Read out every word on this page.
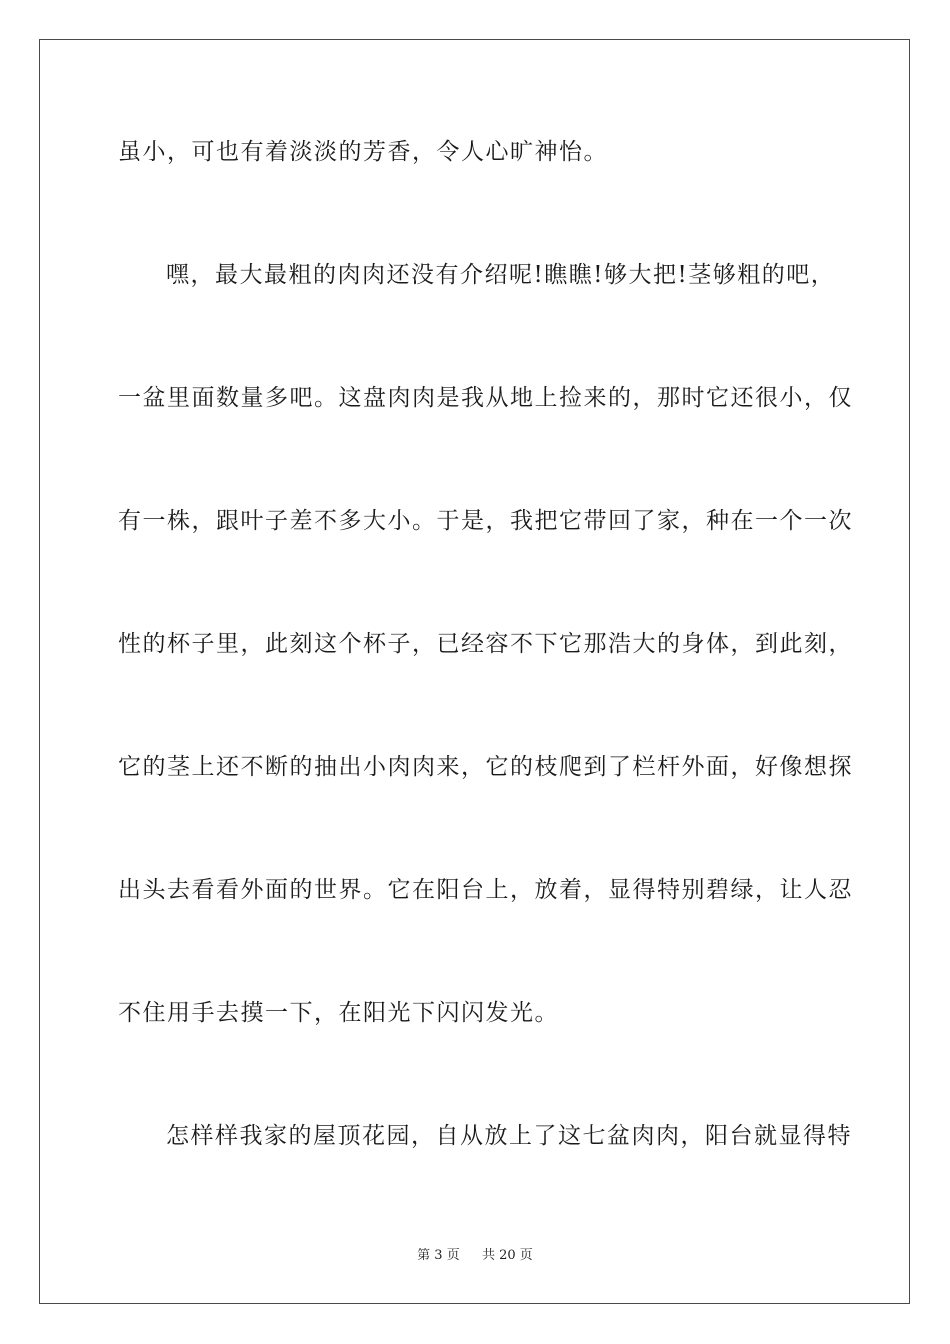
虽小，可也有着淡淡的芳香，令人心旷神怡。
嘿，最大最粗的肉肉还没有介绍呢!瞧瞧!够大把!茎够粗的吧，
一盆里面数量多吧。这盘肉肉是我从地上捡来的，那时它还很小，仅
有一株，跟叶子差不多大小。于是，我把它带回了家，种在一个一次
性的杯子里，此刻这个杯子，已经容不下它那浩大的身体，到此刻，
它的茎上还不断的抽出小肉肉来，它的枝爬到了栏杆外面，好像想探
出头去看看外面的世界。它在阳台上，放着，显得特别碧绿，让人忍
不住用手去摸一下，在阳光下闪闪发光。
怎样样我家的屋顶花园，自从放上了这七盆肉肉，阳台就显得特
第 3 页 共 20 页
